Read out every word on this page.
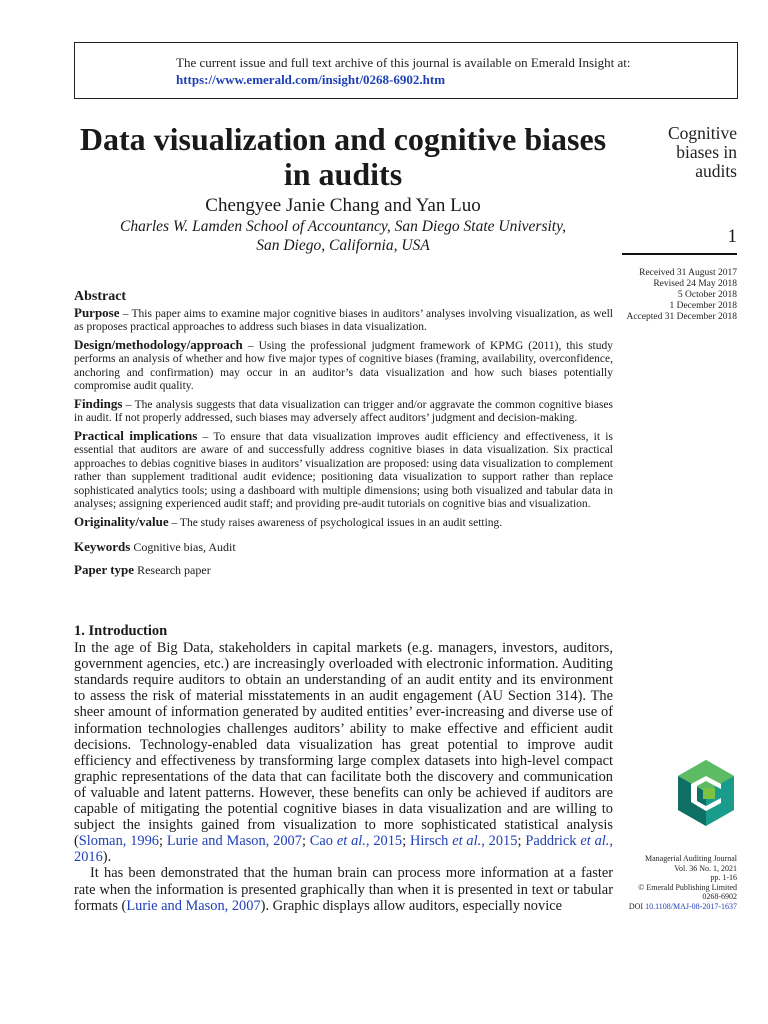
The current issue and full text archive of this journal is available on Emerald Insight at:
https://www.emerald.com/insight/0268-6902.htm
Data visualization and cognitive biases in audits
Chengyee Janie Chang and Yan Luo
Charles W. Lamden School of Accountancy, San Diego State University,
San Diego, California, USA
Cognitive
biases in
audits
1
Received 31 August 2017
Revised 24 May 2018
5 October 2018
1 December 2018
Accepted 31 December 2018
Abstract
Purpose – This paper aims to examine major cognitive biases in auditors’ analyses involving visualization, as well as proposes practical approaches to address such biases in data visualization.
Design/methodology/approach – Using the professional judgment framework of KPMG (2011), this study performs an analysis of whether and how five major types of cognitive biases (framing, availability, overconfidence, anchoring and confirmation) may occur in an auditor’s data visualization and how such biases potentially compromise audit quality.
Findings – The analysis suggests that data visualization can trigger and/or aggravate the common cognitive biases in audit. If not properly addressed, such biases may adversely affect auditors’ judgment and decision-making.
Practical implications – To ensure that data visualization improves audit efficiency and effectiveness, it is essential that auditors are aware of and successfully address cognitive biases in data visualization. Six practical approaches to debias cognitive biases in auditors’ visualization are proposed: using data visualization to complement rather than supplement traditional audit evidence; positioning data visualization to support rather than replace sophisticated analytics tools; using a dashboard with multiple dimensions; using both visualized and tabular data in analyses; assigning experienced audit staff; and providing pre-audit tutorials on cognitive bias and visualization.
Originality/value – The study raises awareness of psychological issues in an audit setting.
Keywords Cognitive bias, Audit
Paper type Research paper
1. Introduction

In the age of Big Data, stakeholders in capital markets (e.g. managers, investors, auditors, government agencies, etc.) are increasingly overloaded with electronic information. Auditing standards require auditors to obtain an understanding of an audit entity and its environment to assess the risk of material misstatements in an audit engagement (AU Section 314). The sheer amount of information generated by audited entities’ ever-increasing and diverse use of information technologies challenges auditors’ ability to make effective and efficient audit decisions. Technology-enabled data visualization has great potential to improve audit efficiency and effectiveness by transforming large complex datasets into high-level compact graphic representations of the data that can facilitate both the discovery and communication of valuable and latent patterns. However, these benefits can only be achieved if auditors are capable of mitigating the potential cognitive biases in data visualization and are willing to subject the insights gained from visualization to more sophisticated statistical analysis (Sloman, 1996; Lurie and Mason, 2007; Cao et al., 2015; Hirsch et al., 2015; Paddrick et al., 2016).

It has been demonstrated that the human brain can process more information at a faster rate when the information is presented graphically than when it is presented in text or tabular formats (Lurie and Mason, 2007). Graphic displays allow auditors, especially novice

Managerial Auditing Journal
Vol. 36 No. 1, 2021
pp. 1-16
© Emerald Publishing Limited
0268-6902
DOI 10.1108/MAJ-08-2017-1637
